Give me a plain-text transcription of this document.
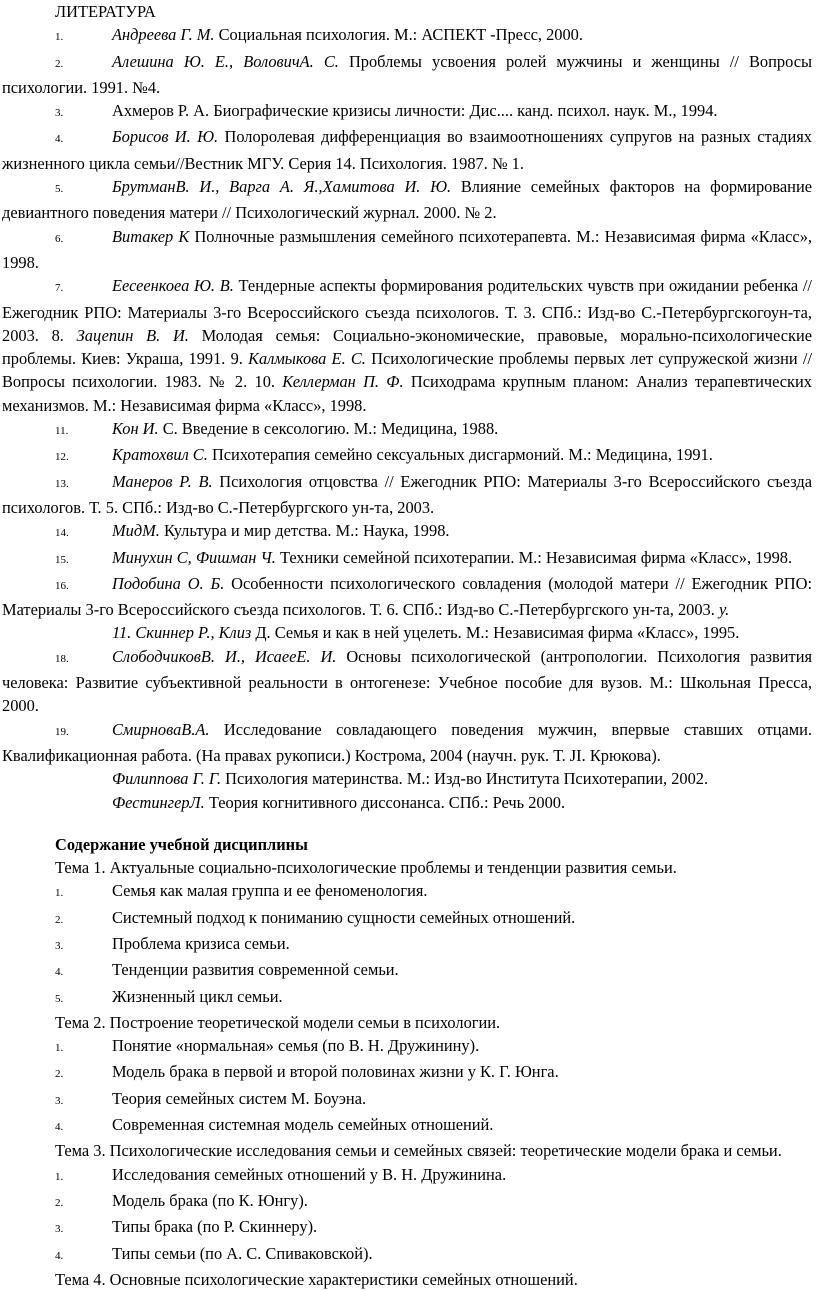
ЛИТЕРАТУРА

1.	Андреева Г. М. Социальная психология. М.: АСПЕКТ -Пресс, 2000.

2.	Алешина Ю. Е., ВоловичА. С. Проблемы усвоения ролей мужчины и женщины // Вопросы психологии. 1991. №4.

3.	Ахмеров Р. А. Биографические кризисы личности: Дис.... канд. психол. наук. М., 1994.

4.	Борисов И. Ю. Полоролевая дифференциация во взаимоотношениях супругов на разных стадиях жизненного цикла семьи//Вестник МГУ. Серия 14. Психология. 1987. № 1.

5.	БрутманВ. И., Варга А. Я.,Хамитова И. Ю. Влияние семейных факторов на формирование девиантного поведения матери // Психологический журнал. 2000. № 2.

6.	Витакер К Полночные размышления семейного психотерапевта. М.: Независимая фирма «Класс», 1998.

7.	Еесеенкоеа Ю. В. Тендерные аспекты формирования родительских чувств при ожидании ребенка // Ежегодник РПО: Материалы 3-го Всероссийского съезда психологов. Т. 3. СПб.: Изд-во С.-Петербургскогоун-та, 2003. 8. Зацепин В. И. Молодая семья: Социально-экономические, правовые, морально-психологические проблемы. Киев: Украша, 1991. 9. Калмыкова Е. С. Психологические проблемы первых лет супружеской жизни // Вопросы психологии. 1983. № 2. 10. Келлерман П. Ф. Психодрама крупным планом: Анализ терапевтических механизмов. М.: Независимая фирма «Класс», 1998.

11.	Кон И. С. Введение в сексологию. М.: Медицина, 1988.

12.	Кратохвил С. Психотерапия семейно сексуальных дисгармоний. М.: Медицина, 1991.

13.	Манеров Р. В. Психология отцовства // Ежегодник РПО: Материалы 3-го Всероссийского съезда психологов. Т. 5. СПб.: Изд-во С.-Петербургского ун-та, 2003.

14.	МидМ. Культура и мир детства. М.: Наука, 1998.

15.	Минухин С, Фишман Ч. Техники семейной психотерапии. М.: Независимая фирма «Класс», 1998.

16.	Подобина О. Б. Особенности психологического совладения (молодой матери // Ежегодник РПО: Материалы 3-го Всероссийского съезда психологов. Т. 6. СПб.: Изд-во С.-Петербургского ун-та, 2003. у.

11. Скиннер Р., Клиз Д. Семья и как в ней уцелеть. М.: Независимая фирма «Класс», 1995.

18.	СлободчиковВ. И., ИсаееЕ. И. Основы психологической (антропологии. Психология развития человека: Развитие субъективной реальности в онтогенезе: Учебное пособие для вузов. М.: Школьная Пресса, 2000.

19.	СмирноваВ.А. Исследование совладающего поведения мужчин, впервые ставших отцами. Квалификационная работа. (На правах рукописи.) Кострома, 2004 (научн. рук. Т. JI. Крюкова).

Филиппова Г. Г. Психология материнства. М.: Изд-во Института Психотерапии, 2002.

ФестингерЛ. Теория когнитивного диссонанса. СПб.: Речь 2000.

Содержание учебной дисциплины

Тема 1. Актуальные социально-психологические проблемы и тенденции развития семьи.

1.	Семья как малая группа и ее феноменология.

2.	Системный подход к пониманию сущности семейных отношений.

3.	Проблема кризиса семьи.

4.	Тенденции развития современной семьи.

5.	Жизненный цикл семьи.

Тема 2. Построение теоретической модели семьи в психологии.

1.	Понятие «нормальная» семья (по В. Н. Дружинину).

2.	Модель брака в первой и второй половинах жизни у К. Г. Юнга.

3.	Теория семейных систем М. Боуэна.

4.	Современная системная модель семейных отношений.

Тема 3. Психологические исследования семьи и семейных связей: теоретические модели брака и семьи.

1.	Исследования семейных отношений у В. Н. Дружинина.

2.	Модель брака (по К. Юнгу).

3.	Типы брака (по Р. Скиннеру).

4.	Типы семьи (по А. С. Спиваковской).

Тема 4. Основные психологические характеристики семейных отношений.
